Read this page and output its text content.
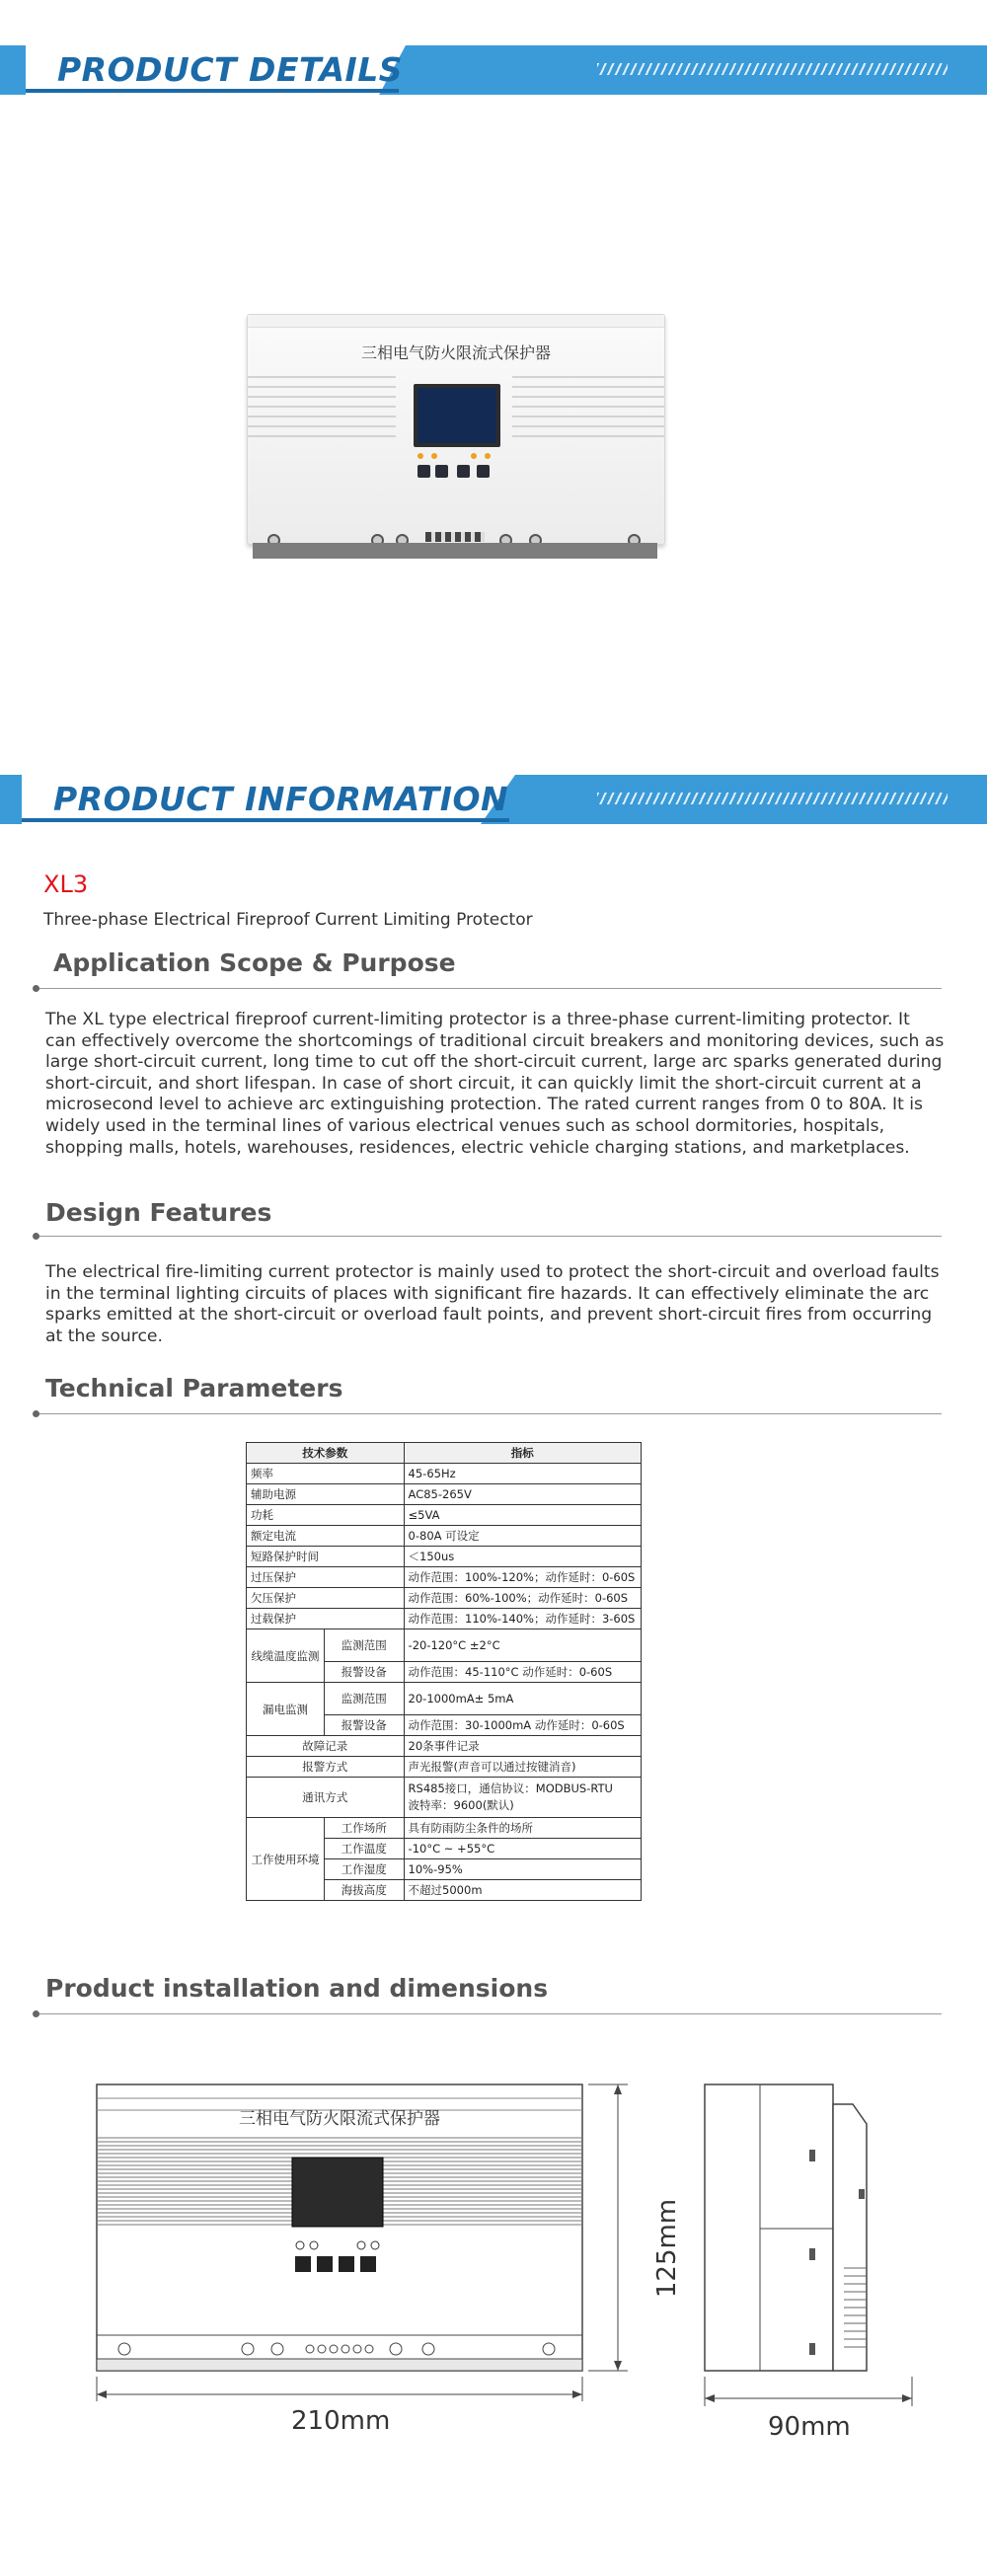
PRODUCT DETAILS
三相电气防火限流式保护器
PRODUCT INFORMATION
XL3
Three-phase Electrical Fireproof Current Limiting Protector
Application Scope & Purpose

The XL type electrical fireproof current-limiting protector is a three-phase current-limiting protector. It can effectively overcome the shortcomings of traditional circuit breakers and monitoring devices, such as large short-circuit current, long time to cut off the short-circuit current, large arc sparks generated during short-circuit, and short lifespan. In case of short circuit, it can quickly limit the short-circuit current at a microsecond level to achieve arc extinguishing protection. The rated current ranges from 0 to 80A. It is widely used in the terminal lines of various electrical venues such as school dormitories, hospitals, shopping malls, hotels, warehouses, residences, electric vehicle charging stations, and marketplaces.

Design Features

The electrical fire-limiting current protector is mainly used to protect the short-circuit and overload faults in the terminal lighting circuits of places with significant fire hazards. It can effectively eliminate the arc sparks emitted at the short-circuit or overload fault points, and prevent short-circuit fires from occurring at the source.

Technical Parameters
技术参数		指标
频率		45-65Hz
辅助电源		AC85-265V
功耗		≤5VA
额定电流		0-80A 可设定
短路保护时间		＜150us
过压保护		动作范围：100%-120%；动作延时：0-60S
欠压保护		动作范围：60%-100%；动作延时：0-60S
过载保护		动作范围：110%-140%；动作延时：3-60S
线缆温度监测	监测范围	-20-120°C ±2°C
	报警设备	动作范围：45-110°C 动作延时：0-60S
漏电监测	监测范围	20-1000mA± 5mA
	报警设备	动作范围：30-1000mA 动作延时：0-60S
故障记录		20条事件记录
报警方式		声光报警(声音可以通过按键消音)
通讯方式		RS485接口，通信协议：MODBUS-RTU
波特率：9600(默认)
工作使用环境	工作场所	具有防雨防尘条件的场所
	工作温度	-10°C ~ +55°C
	工作湿度	10%-95%
	海拔高度	不超过5000m
Product installation and dimensions
三相电气防火限流式保护器
210mm
125mm
90mm
